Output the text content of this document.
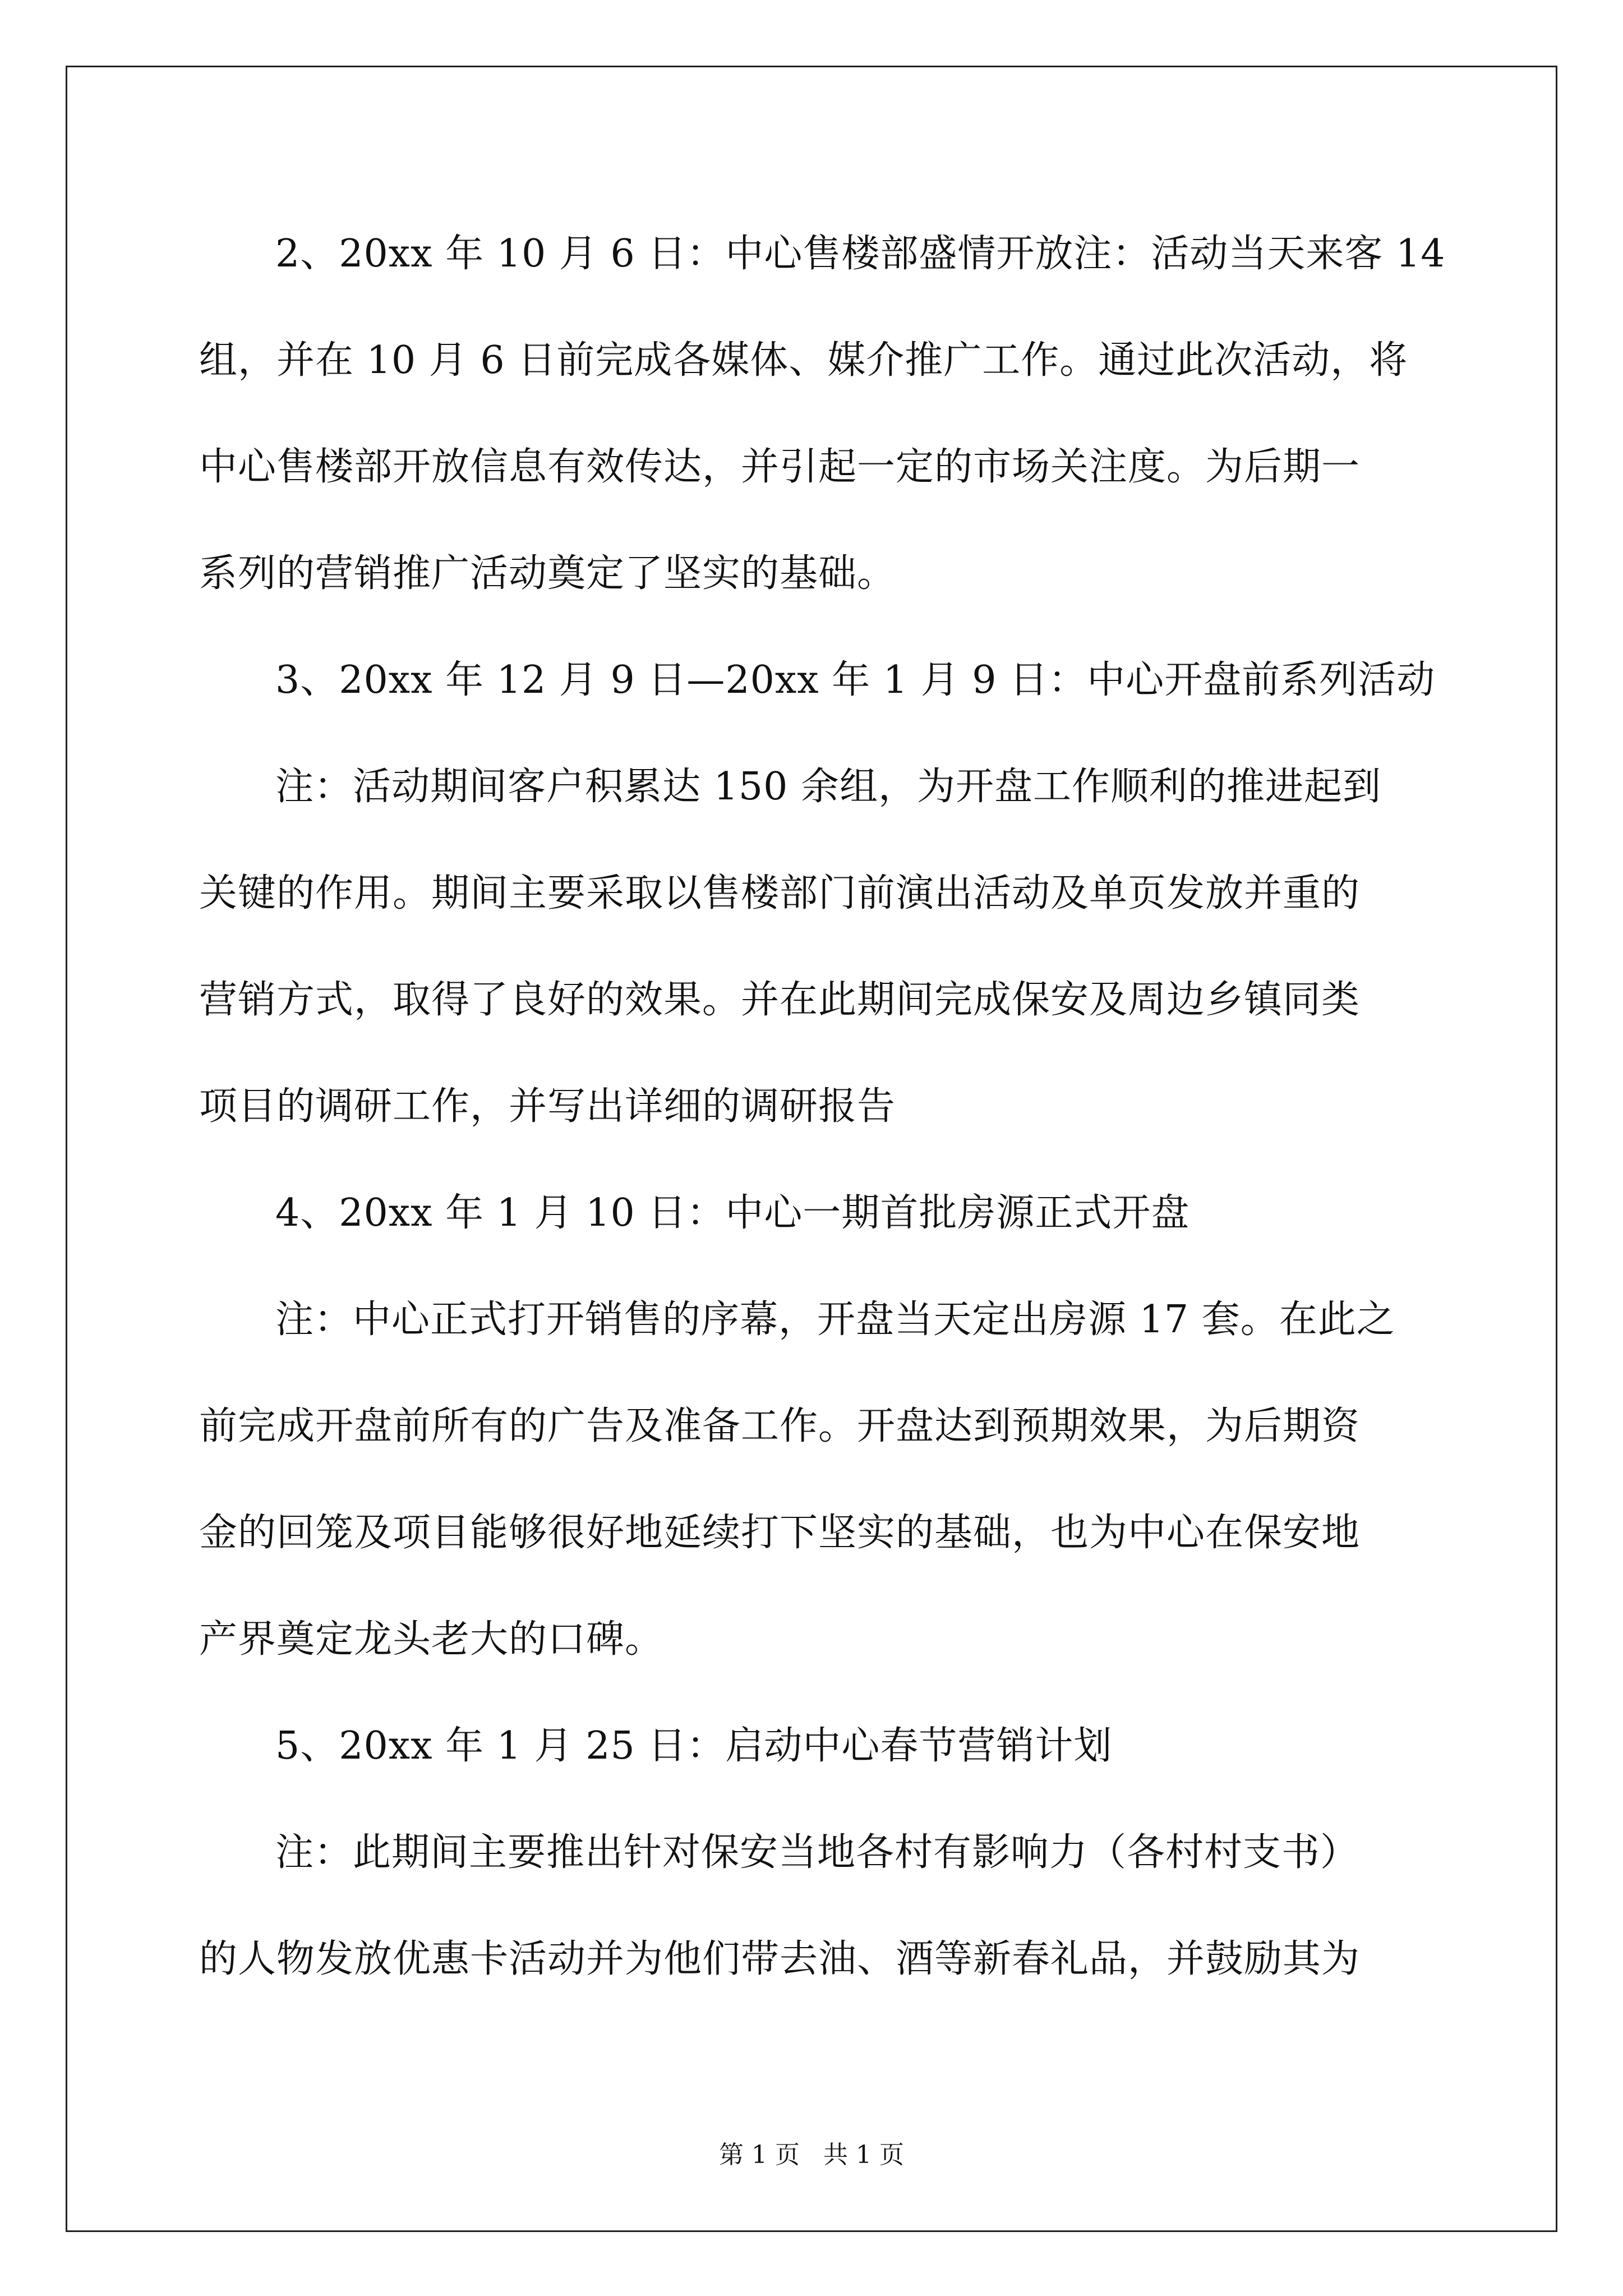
2、20xx 年 10 月 6 日：中心售楼部盛情开放注：活动当天来客 14
组，并在 10 月 6 日前完成各媒体、媒介推广工作。通过此次活动，将
中心售楼部开放信息有效传达，并引起一定的市场关注度。为后期一
系列的营销推广活动奠定了坚实的基础。
3、20xx 年 12 月 9 日—20xx 年 1 月 9 日：中心开盘前系列活动
注：活动期间客户积累达 150 余组，为开盘工作顺利的推进起到
关键的作用。期间主要采取以售楼部门前演出活动及单页发放并重的
营销方式，取得了良好的效果。并在此期间完成保安及周边乡镇同类
项目的调研工作，并写出详细的调研报告
4、20xx 年 1 月 10 日：中心一期首批房源正式开盘
注：中心正式打开销售的序幕，开盘当天定出房源 17 套。在此之
前完成开盘前所有的广告及准备工作。开盘达到预期效果，为后期资
金的回笼及项目能够很好地延续打下坚实的基础，也为中心在保安地
产界奠定龙头老大的口碑。
5、20xx 年 1 月 25 日：启动中心春节营销计划
注：此期间主要推出针对保安当地各村有影响力（各村村支书）
的人物发放优惠卡活动并为他们带去油、酒等新春礼品，并鼓励其为
第 1 页   共 1 页
